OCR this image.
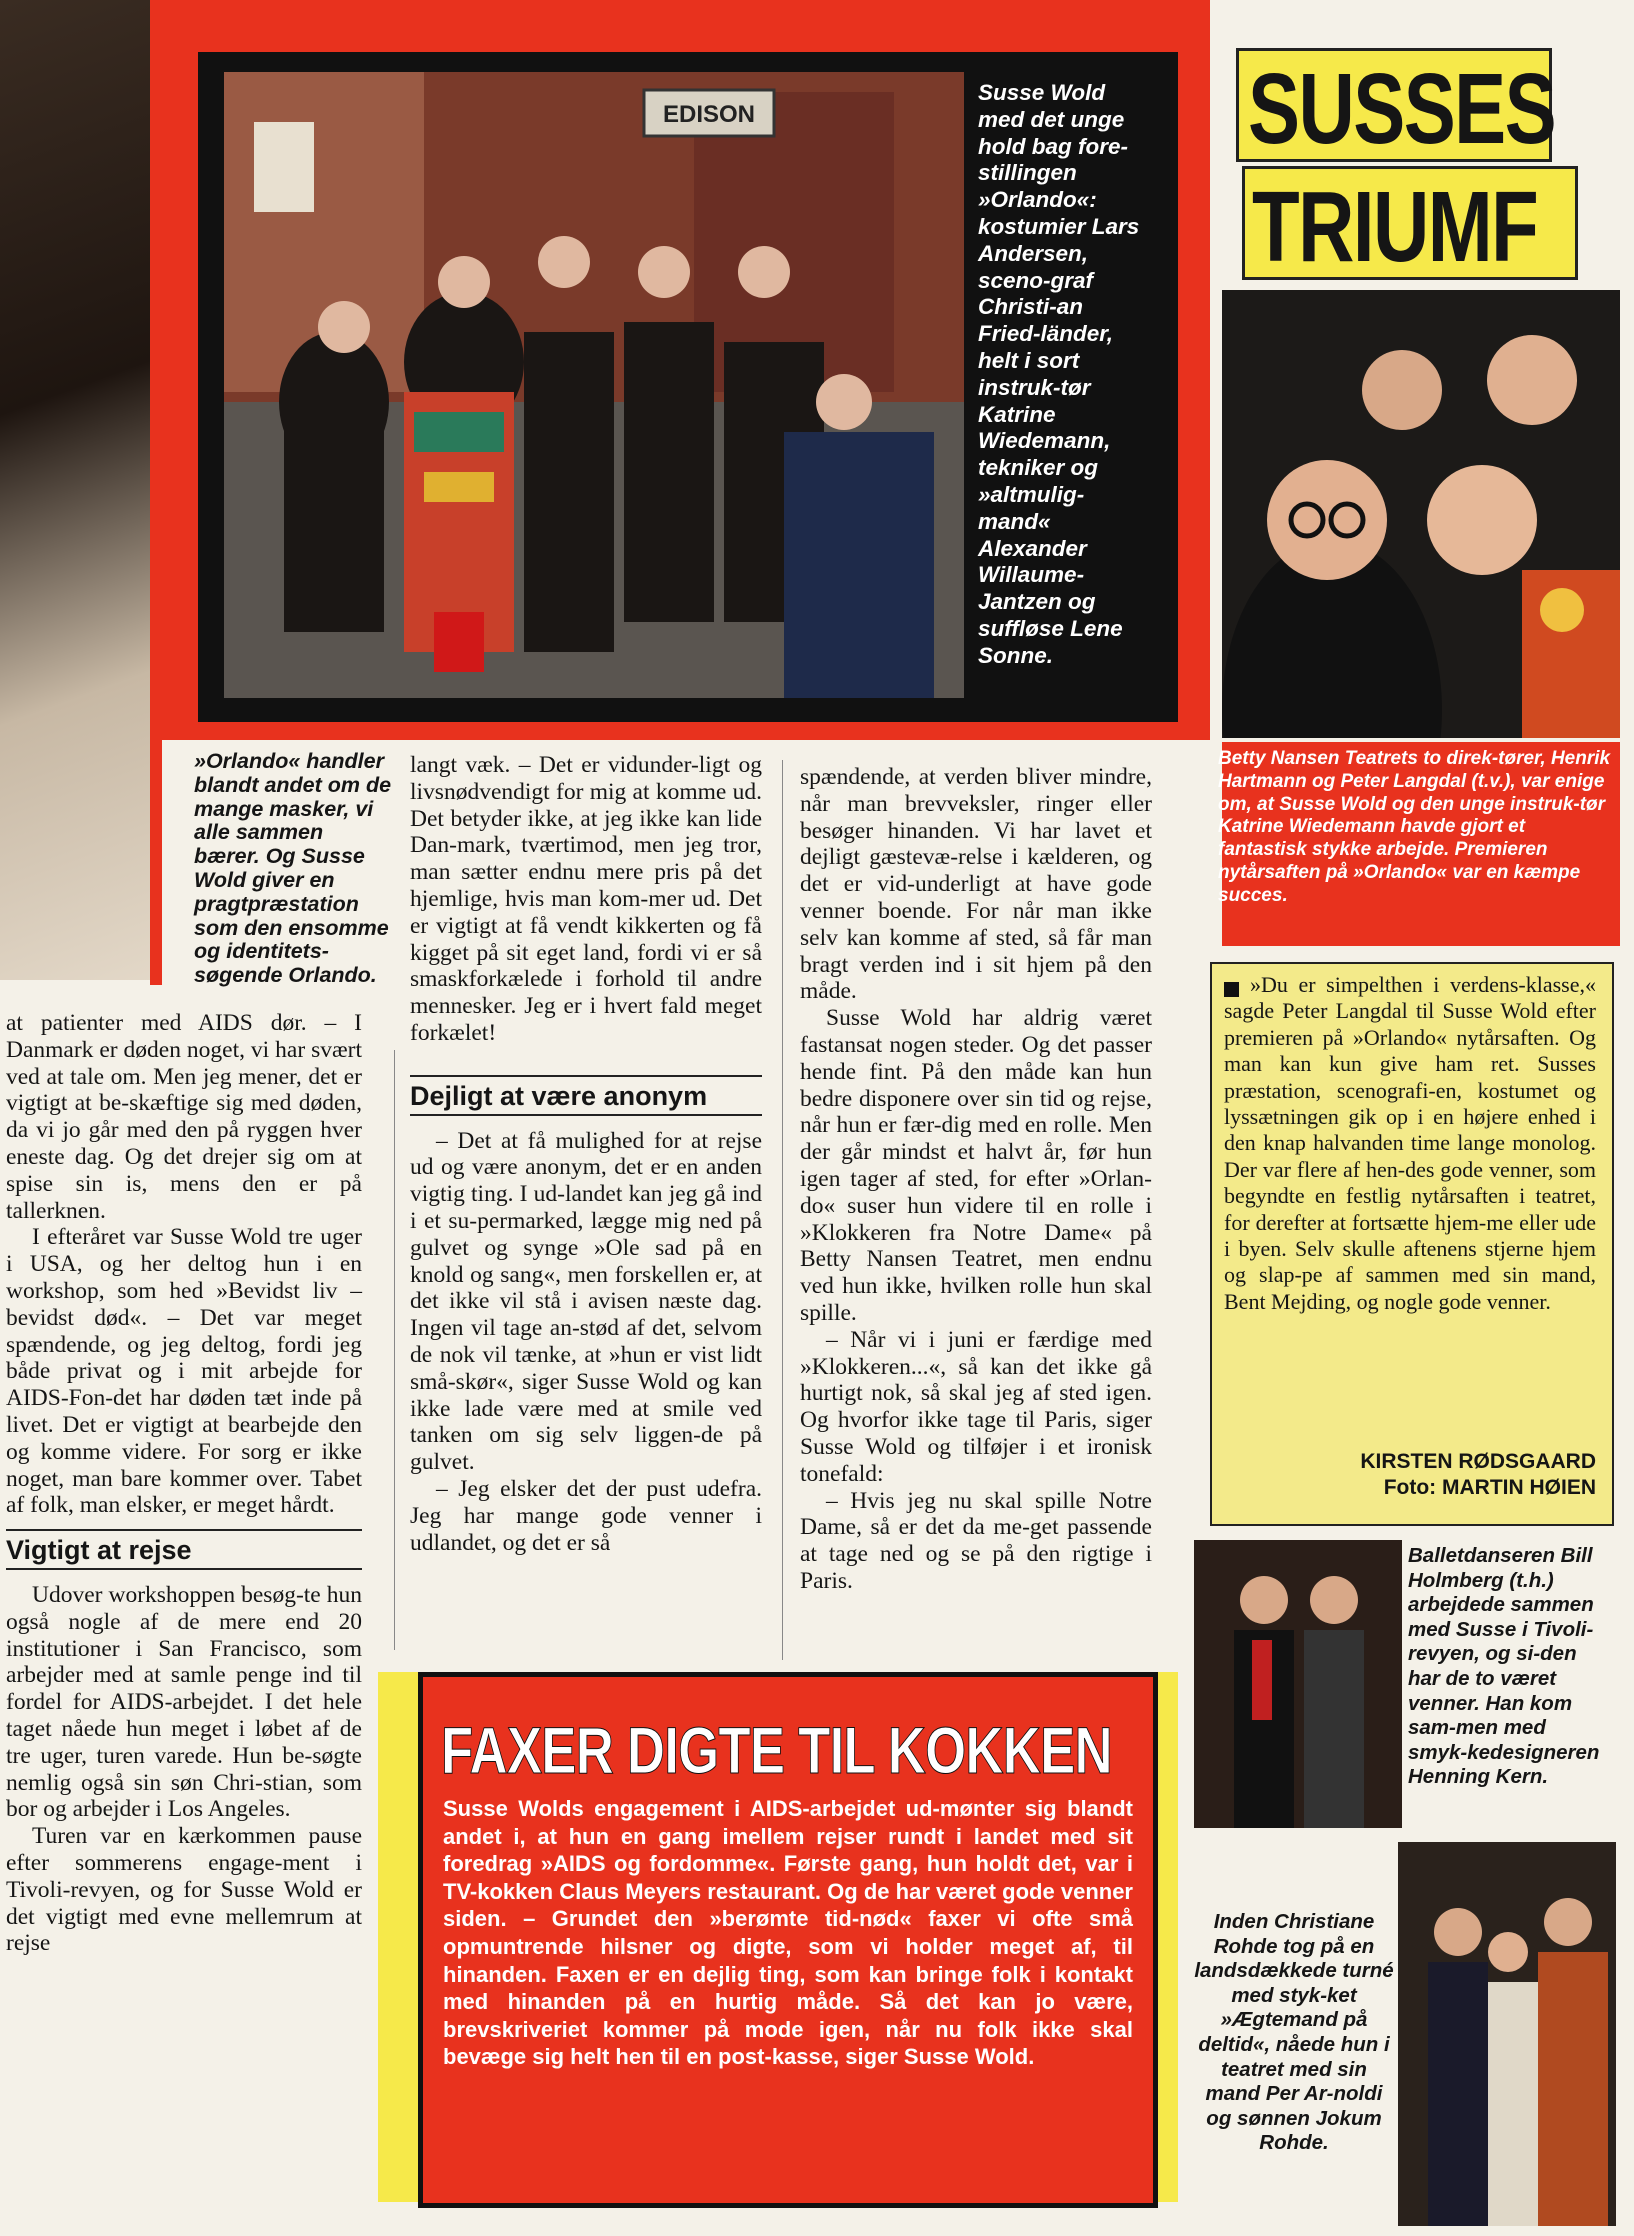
EDISON
Susse Wold med det unge hold bag fore-stillingen »Orlando«: kostumier Lars Andersen, sceno-graf Christi-an Fried-länder, helt i sort instruk-tør Katrine Wiedemann, tekniker og »altmulig-mand« Alexander Willaume-Jantzen og suffløse Lene Sonne.
SUSSES
TRIUMF
Betty Nansen Teatrets to direk-tører, Henrik Hartmann og Peter Langdal (t.v.), var enige om, at Susse Wold og den unge instruk-tør Katrine Wiedemann havde gjort et fantastisk stykke arbejde. Premieren nytårsaften på »Orlando« var en kæmpe succes.
»Du er simpelthen i verdens-klasse,« sagde Peter Langdal til Susse Wold efter premieren på »Orlando« nytårsaften. Og man kan kun give ham ret. Susses præstation, scenografi-en, kostumet og lyssætningen gik op i en højere enhed i den knap halvanden time lange monolog. Der var flere af hen-des gode venner, som begyndte en festlig nytårsaften i teatret, for derefter at fortsætte hjem-me eller ude i byen. Selv skulle aftenens stjerne hjem og slap-pe af sammen med sin mand, Bent Mejding, og nogle gode venner.
KIRSTEN RØDSGAARD
Foto: MARTIN HØIEN
»Orlando« handler blandt andet om de mange masker, vi alle sammen bærer. Og Susse Wold giver en pragtpræstation som den ensomme og identitets-søgende Orlando.

at patienter med AIDS dør. – I Danmark er døden noget, vi har svært ved at tale om. Men jeg mener, det er vigtigt at be-skæftige sig med døden, da vi jo går med den på ryggen hver eneste dag. Og det drejer sig om at spise sin is, mens den er på tallerknen.

I efteråret var Susse Wold tre uger i USA, og her deltog hun i en workshop, som hed »Bevidst liv – bevidst død«. – Det var meget spændende, og jeg deltog, fordi jeg både privat og i mit arbejde for AIDS-Fon-det har døden tæt inde på livet. Det er vigtigt at bearbejde den og komme videre. For sorg er ikke noget, man bare kommer over. Tabet af folk, man elsker, er meget hårdt.

Vigtigt at rejse

Udover workshoppen besøg-te hun også nogle af de mere end 20 institutioner i San Francisco, som arbejder med at samle penge ind til fordel for AIDS-arbejdet. I det hele taget nåede hun meget i løbet af de tre uger, turen varede. Hun be-søgte nemlig også sin søn Chri-stian, som bor og arbejder i Los Angeles.

Turen var en kærkommen pause efter sommerens engage-ment i Tivoli-revyen, og for Susse Wold er det vigtigt med evne mellemrum at rejse

langt væk. – Det er vidunder-ligt og livsnødvendigt for mig at komme ud. Det betyder ikke, at jeg ikke kan lide Dan-mark, tværtimod, men jeg tror, man sætter endnu mere pris på det hjemlige, hvis man kom-mer ud. Det er vigtigt at få vendt kikkerten og få kigget på sit eget land, fordi vi er så smaskforkælede i forhold til andre mennesker. Jeg er i hvert fald meget forkælet!

Dejligt at være anonym

– Det at få mulighed for at rejse ud og være anonym, det er en anden vigtig ting. I ud-landet kan jeg gå ind i et su-permarked, lægge mig ned på gulvet og synge »Ole sad på en knold og sang«, men forskellen er, at det ikke vil stå i avisen næste dag. Ingen vil tage an-stød af det, selvom de nok vil tænke, at »hun er vist lidt små-skør«, siger Susse Wold og kan ikke lade være med at smile ved tanken om sig selv liggen-de på gulvet.

– Jeg elsker det der pust udefra. Jeg har mange gode venner i udlandet, og det er så

spændende, at verden bliver mindre, når man brevveksler, ringer eller besøger hinanden. Vi har lavet et dejligt gæstevæ-relse i kælderen, og det er vid-underligt at have gode venner boende. For når man ikke selv kan komme af sted, så får man bragt verden ind i sit hjem på den måde.

Susse Wold har aldrig været fastansat nogen steder. Og det passer hende fint. På den måde kan hun bedre disponere over sin tid og rejse, når hun er fær-dig med en rolle. Men der går mindst et halvt år, før hun igen tager af sted, for efter »Orlan-do« suser hun videre til en rolle i »Klokkeren fra Notre Dame« på Betty Nansen Teatret, men endnu ved hun ikke, hvilken rolle hun skal spille.

– Når vi i juni er færdige med »Klokkeren...«, så kan det ikke gå hurtigt nok, så skal jeg af sted igen. Og hvorfor ikke tage til Paris, siger Susse Wold og tilføjer i et ironisk tonefald:

– Hvis jeg nu skal spille Notre Dame, så er det da me-get passende at tage ned og se på den rigtige i Paris.

FAXER DIGTE TIL KOKKEN
Susse Wolds engagement i AIDS-arbejdet ud-mønter sig blandt andet i, at hun en gang imellem rejser rundt i landet med sit foredrag »AIDS og fordomme«. Første gang, hun holdt det, var i TV-kokken Claus Meyers restaurant. Og de har været gode venner siden. – Grundet den »berømte tid-nød« faxer vi ofte små opmuntrende hilsner og digte, som vi holder meget af, til hinanden. Faxen er en dejlig ting, som kan bringe folk i kontakt med hinanden på en hurtig måde. Så det kan jo være, brevskriveriet kommer på mode igen, når nu folk ikke skal bevæge sig helt hen til en post-kasse, siger Susse Wold.
Balletdanseren Bill Holmberg (t.h.) arbejdede sammen med Susse i Tivoli-revyen, og si-den har de to været venner. Han kom sam-men med smyk-kedesigneren Henning Kern.
Inden Christiane Rohde tog på en landsdækkede turné med styk-ket »Ægtemand på deltid«, nåede hun i teatret med sin mand Per Ar-noldi og sønnen Jokum Rohde.
